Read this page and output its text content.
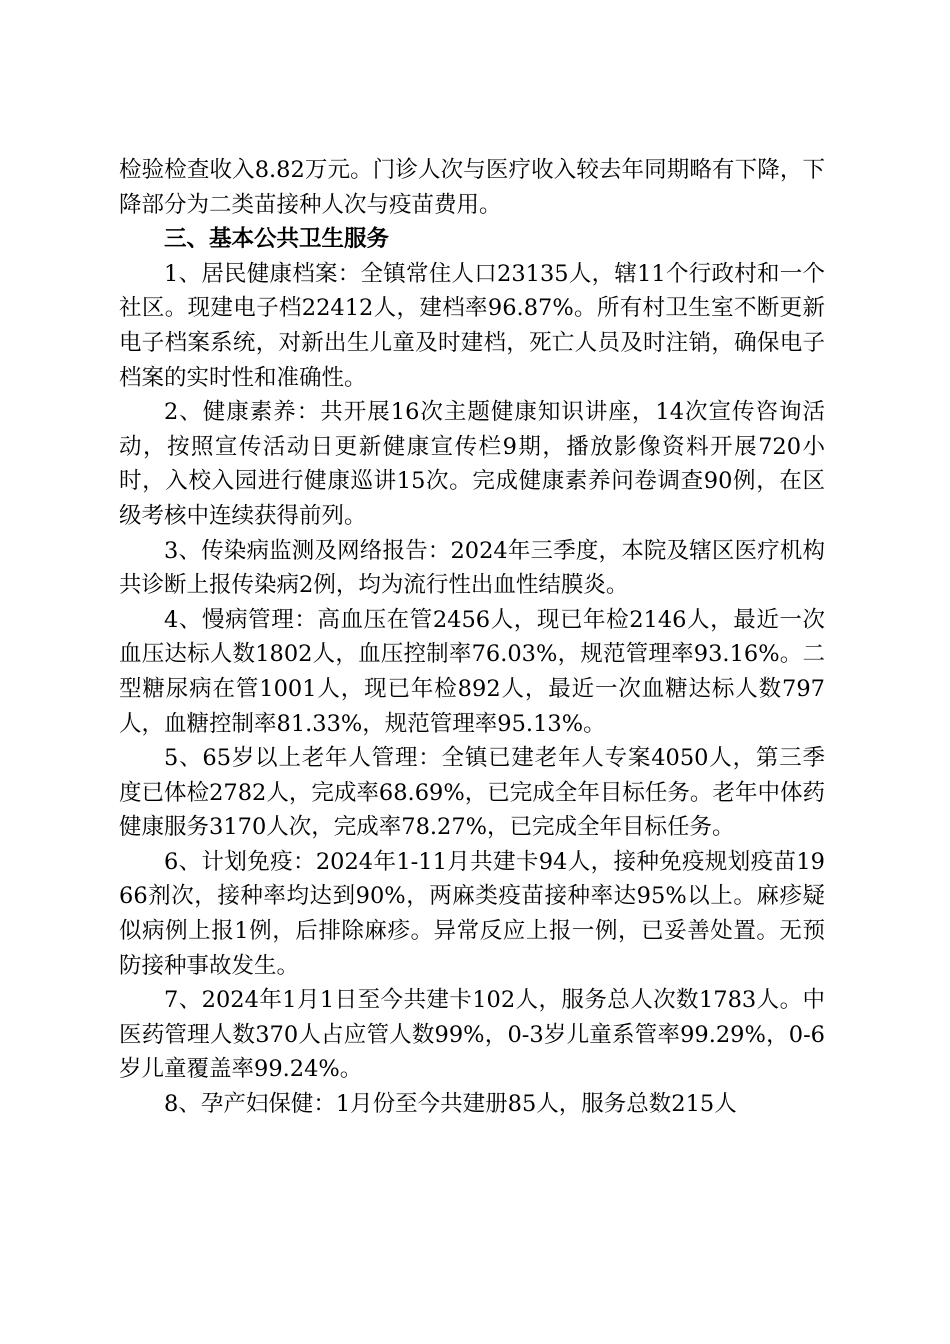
检验检查收入8.82万元。门诊人次与医疗收入较去年同期略有下降，下降部分为二类苗接种人次与疫苗费用。

三、基本公共卫生服务

1、居民健康档案：全镇常住人口23135人，辖11个行政村和一个社区。现建电子档22412人，建档率96.87%。所有村卫生室不断更新电子档案系统，对新出生儿童及时建档，死亡人员及时注销，确保电子档案的实时性和准确性。

2、健康素养：共开展16次主题健康知识讲座，14次宣传咨询活动，按照宣传活动日更新健康宣传栏9期，播放影像资料开展720小时，入校入园进行健康巡讲15次。完成健康素养问卷调查90例，在区级考核中连续获得前列。

3、传染病监测及网络报告：2024年三季度，本院及辖区医疗机构共诊断上报传染病2例，均为流行性出血性结膜炎。

4、慢病管理：高血压在管2456人，现已年检2146人，最近一次血压达标人数1802人，血压控制率76.03%，规范管理率93.16%。二型糖尿病在管1001人，现已年检892人，最近一次血糖达标人数797人，血糖控制率81.33%，规范管理率95.13%。

5、65岁以上老年人管理：全镇已建老年人专案4050人，第三季度已体检2782人，完成率68.69%，已完成全年目标任务。老年中体药健康服务3170人次，完成率78.27%，已完成全年目标任务。

6、计划免疫：2024年1-11月共建卡94人，接种免疫规划疫苗1966剂次，接种率均达到90%，两麻类疫苗接种率达95%以上。麻疹疑似病例上报1例，后排除麻疹。异常反应上报一例，已妥善处置。无预防接种事故发生。

7、2024年1月1日至今共建卡102人，服务总人次数1783人。中医药管理人数370人占应管人数99%，0-3岁儿童系管率99.29%，0-6岁儿童覆盖率99.24%。

8、孕产妇保健：1月份至今共建册85人，服务总数215人
